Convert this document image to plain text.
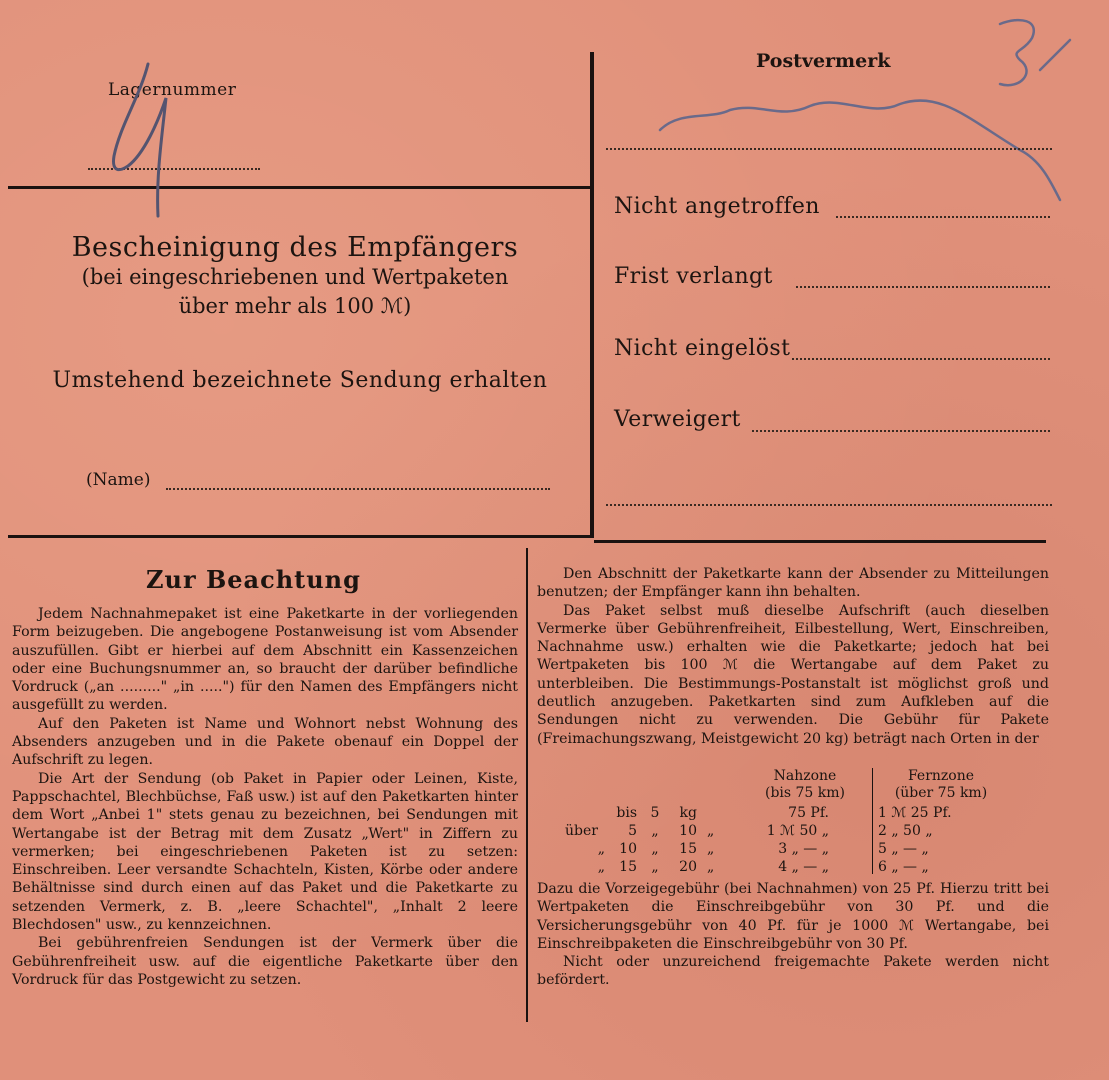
Lagernummer
Bescheinigung des Empfängers
(bei eingeschriebenen und Wertpaketen
über mehr als 100 ℳ)
Umstehend bezeichnete Sendung erhalten
(Name)
Postvermerk
Nicht angetroffen
Frist verlangt
Nicht eingelöst
Verweigert
Zur Beachtung

Jedem Nachnahmepaket ist eine Paketkarte in der vorliegenden Form beizugeben. Die angebogene Postanweisung ist vom Absender auszufüllen. Gibt er hierbei auf dem Abschnitt ein Kassenzeichen oder eine Buchungsnummer an, so braucht der darüber befindliche Vordruck („an ........." „in .....") für den Namen des Empfängers nicht ausgefüllt zu werden.

Auf den Paketen ist Name und Wohnort nebst Wohnung des Absenders anzugeben und in die Pakete obenauf ein Doppel der Aufschrift zu legen.

Die Art der Sendung (ob Paket in Papier oder Leinen, Kiste, Pappschachtel, Blechbüchse, Faß usw.) ist auf den Paketkarten hinter dem Wort „Anbei 1" stets genau zu bezeichnen, bei Sendungen mit Wertangabe ist der Betrag mit dem Zusatz „Wert" in Ziffern zu vermerken; bei eingeschriebenen Paketen ist zu setzen: Einschreiben. Leer versandte Schachteln, Kisten, Körbe oder andere Behältnisse sind durch einen auf das Paket und die Paketkarte zu setzenden Vermerk, z. B. „leere Schachtel", „Inhalt 2 leere Blechdosen" usw., zu kennzeichnen.

Bei gebührenfreien Sendungen ist der Vermerk über die Gebührenfreiheit usw. auf die eigentliche Paketkarte über den Vordruck für das Postgewicht zu setzen.

Den Abschnitt der Paketkarte kann der Absender zu Mitteilungen benutzen; der Empfänger kann ihn behalten.

Das Paket selbst muß dieselbe Aufschrift (auch dieselben Vermerke über Gebührenfreiheit, Eilbestellung, Wert, Einschreiben, Nachnahme usw.) erhalten wie die Paketkarte; jedoch hat bei Wertpaketen bis 100 ℳ die Wertangabe auf dem Paket zu unterbleiben. Die Bestimmungs-Postanstalt ist möglichst groß und deutlich anzugeben. Paketkarten sind zum Aufkleben auf die Sendungen nicht zu verwenden. Die Gebühr für Pakete (Freimachungszwang, Meistgewicht 20 kg) beträgt nach Orten in der

Nahzone
(bis 75 km)
Fernzone
(über 75 km)
	bis	5	kg		75 Pf.	1 ℳ 25 Pf.
über	5	„	10	„	1 ℳ 50 „	2 „ 50 „
„	10	„	15	„	3 „ — „	5 „ — „
„	15	„	20	„	4 „ — „	6 „ — „

Dazu die Vorzeigegebühr (bei Nachnahmen) von 25 Pf. Hierzu tritt bei Wertpaketen die Einschreibgebühr von 30 Pf. und die Versicherungsgebühr von 40 Pf. für je 1000 ℳ Wertangabe, bei Einschreibpaketen die Einschreibgebühr von 30 Pf.

Nicht oder unzureichend freigemachte Pakete werden nicht befördert.
